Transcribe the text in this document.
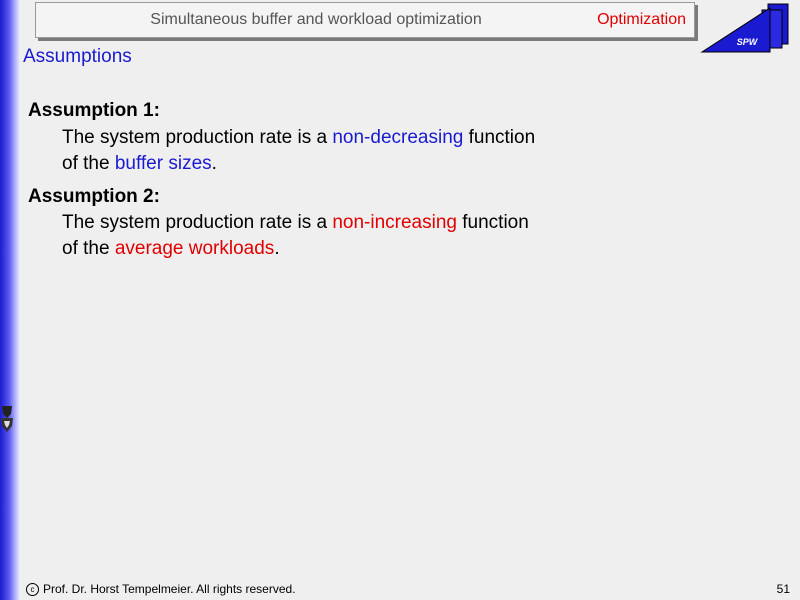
Simultaneous buffer and workload optimization	Optimization
SPW
Assumptions
Assumption 1:
The system production rate is a non-decreasing function
of the buffer sizes.
Assumption 2:
The system production rate is a non-increasing function
of the average workloads.
c Prof. Dr. Horst Tempelmeier. All rights reserved.	51
